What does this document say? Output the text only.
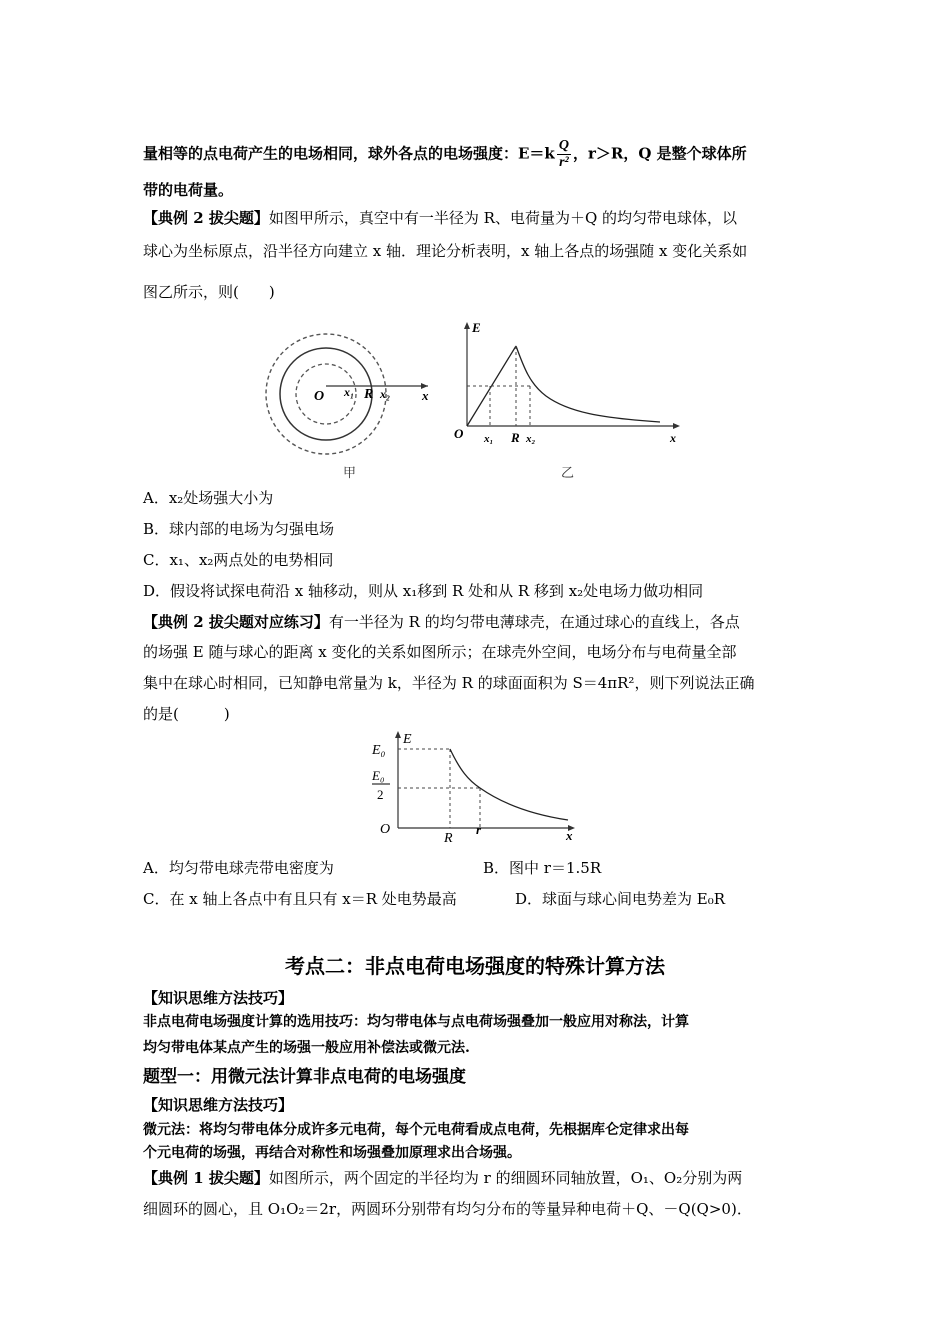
量相等的点电荷产生的电场相同，球外各点的电场强度：$E=k \frac{Q}{\text{r²}}$ ，r＞R，Q 是整个球体所
带的电荷量。
【典例 2 拔尖题】如图甲所示，真空中有一半径为 R、电荷量为＋Q 的均匀带电球体，以
球心为坐标原点，沿半径方向建立 x 轴．理论分析表明，x 轴上各点的场强随 x 变化关系如
图乙所示，则(　　)
O x₁ R x₂ x
甲
E
O x₁ R x₂	x
乙
A．x₂处场强大小为
B．球内部的电场为匀强电场
C．x₁、x₂两点处的电势相同
D．假设将试探电荷沿 x 轴移动，则从 x₁移到 R 处和从 R 移到 x₂处电场力做功相同
【典例 2 拔尖题对应练习】有一半径为 R 的均匀带电薄球壳，在通过球心的直线上，各点
的场强 E 随与球心的距离 x 变化的关系如图所示；在球壳外空间，电场分布与电荷量全部
集中在球心时相同，已知静电常量为 k，半径为 R 的球面面积为 S＝4πR²，则下列说法正确
的是(　　　)
E
E₀
E₀
2
O
R
r	x
A．均匀带电球壳带电密度为	B．图中 r＝1.5R
C．在 x 轴上各点中有且只有 x＝R 处电势最高	D．球面与球心间电势差为 E₀R
考点二：非点电荷电场强度的特殊计算方法
【知识思维方法技巧】
非点电荷电场强度计算的选用技巧：均匀带电体与点电荷场强叠加一般应用对称法，计算
均匀带电体某点产生的场强一般应用补偿法或微元法.
题型一：用微元法计算非点电荷的电场强度
【知识思维方法技巧】
微元法：将均匀带电体分成许多元电荷，每个元电荷看成点电荷，先根据库仑定律求出每
个元电荷的场强，再结合对称性和场强叠加原理求出合场强。
【典例 1 拔尖题】如图所示，两个固定的半径均为 r 的细圆环同轴放置，O₁、O₂分别为两
细圆环的圆心，且 O₁O₂＝2r，两圆环分别带有均匀分布的等量异种电荷＋Q、－Q(Q>0)．
